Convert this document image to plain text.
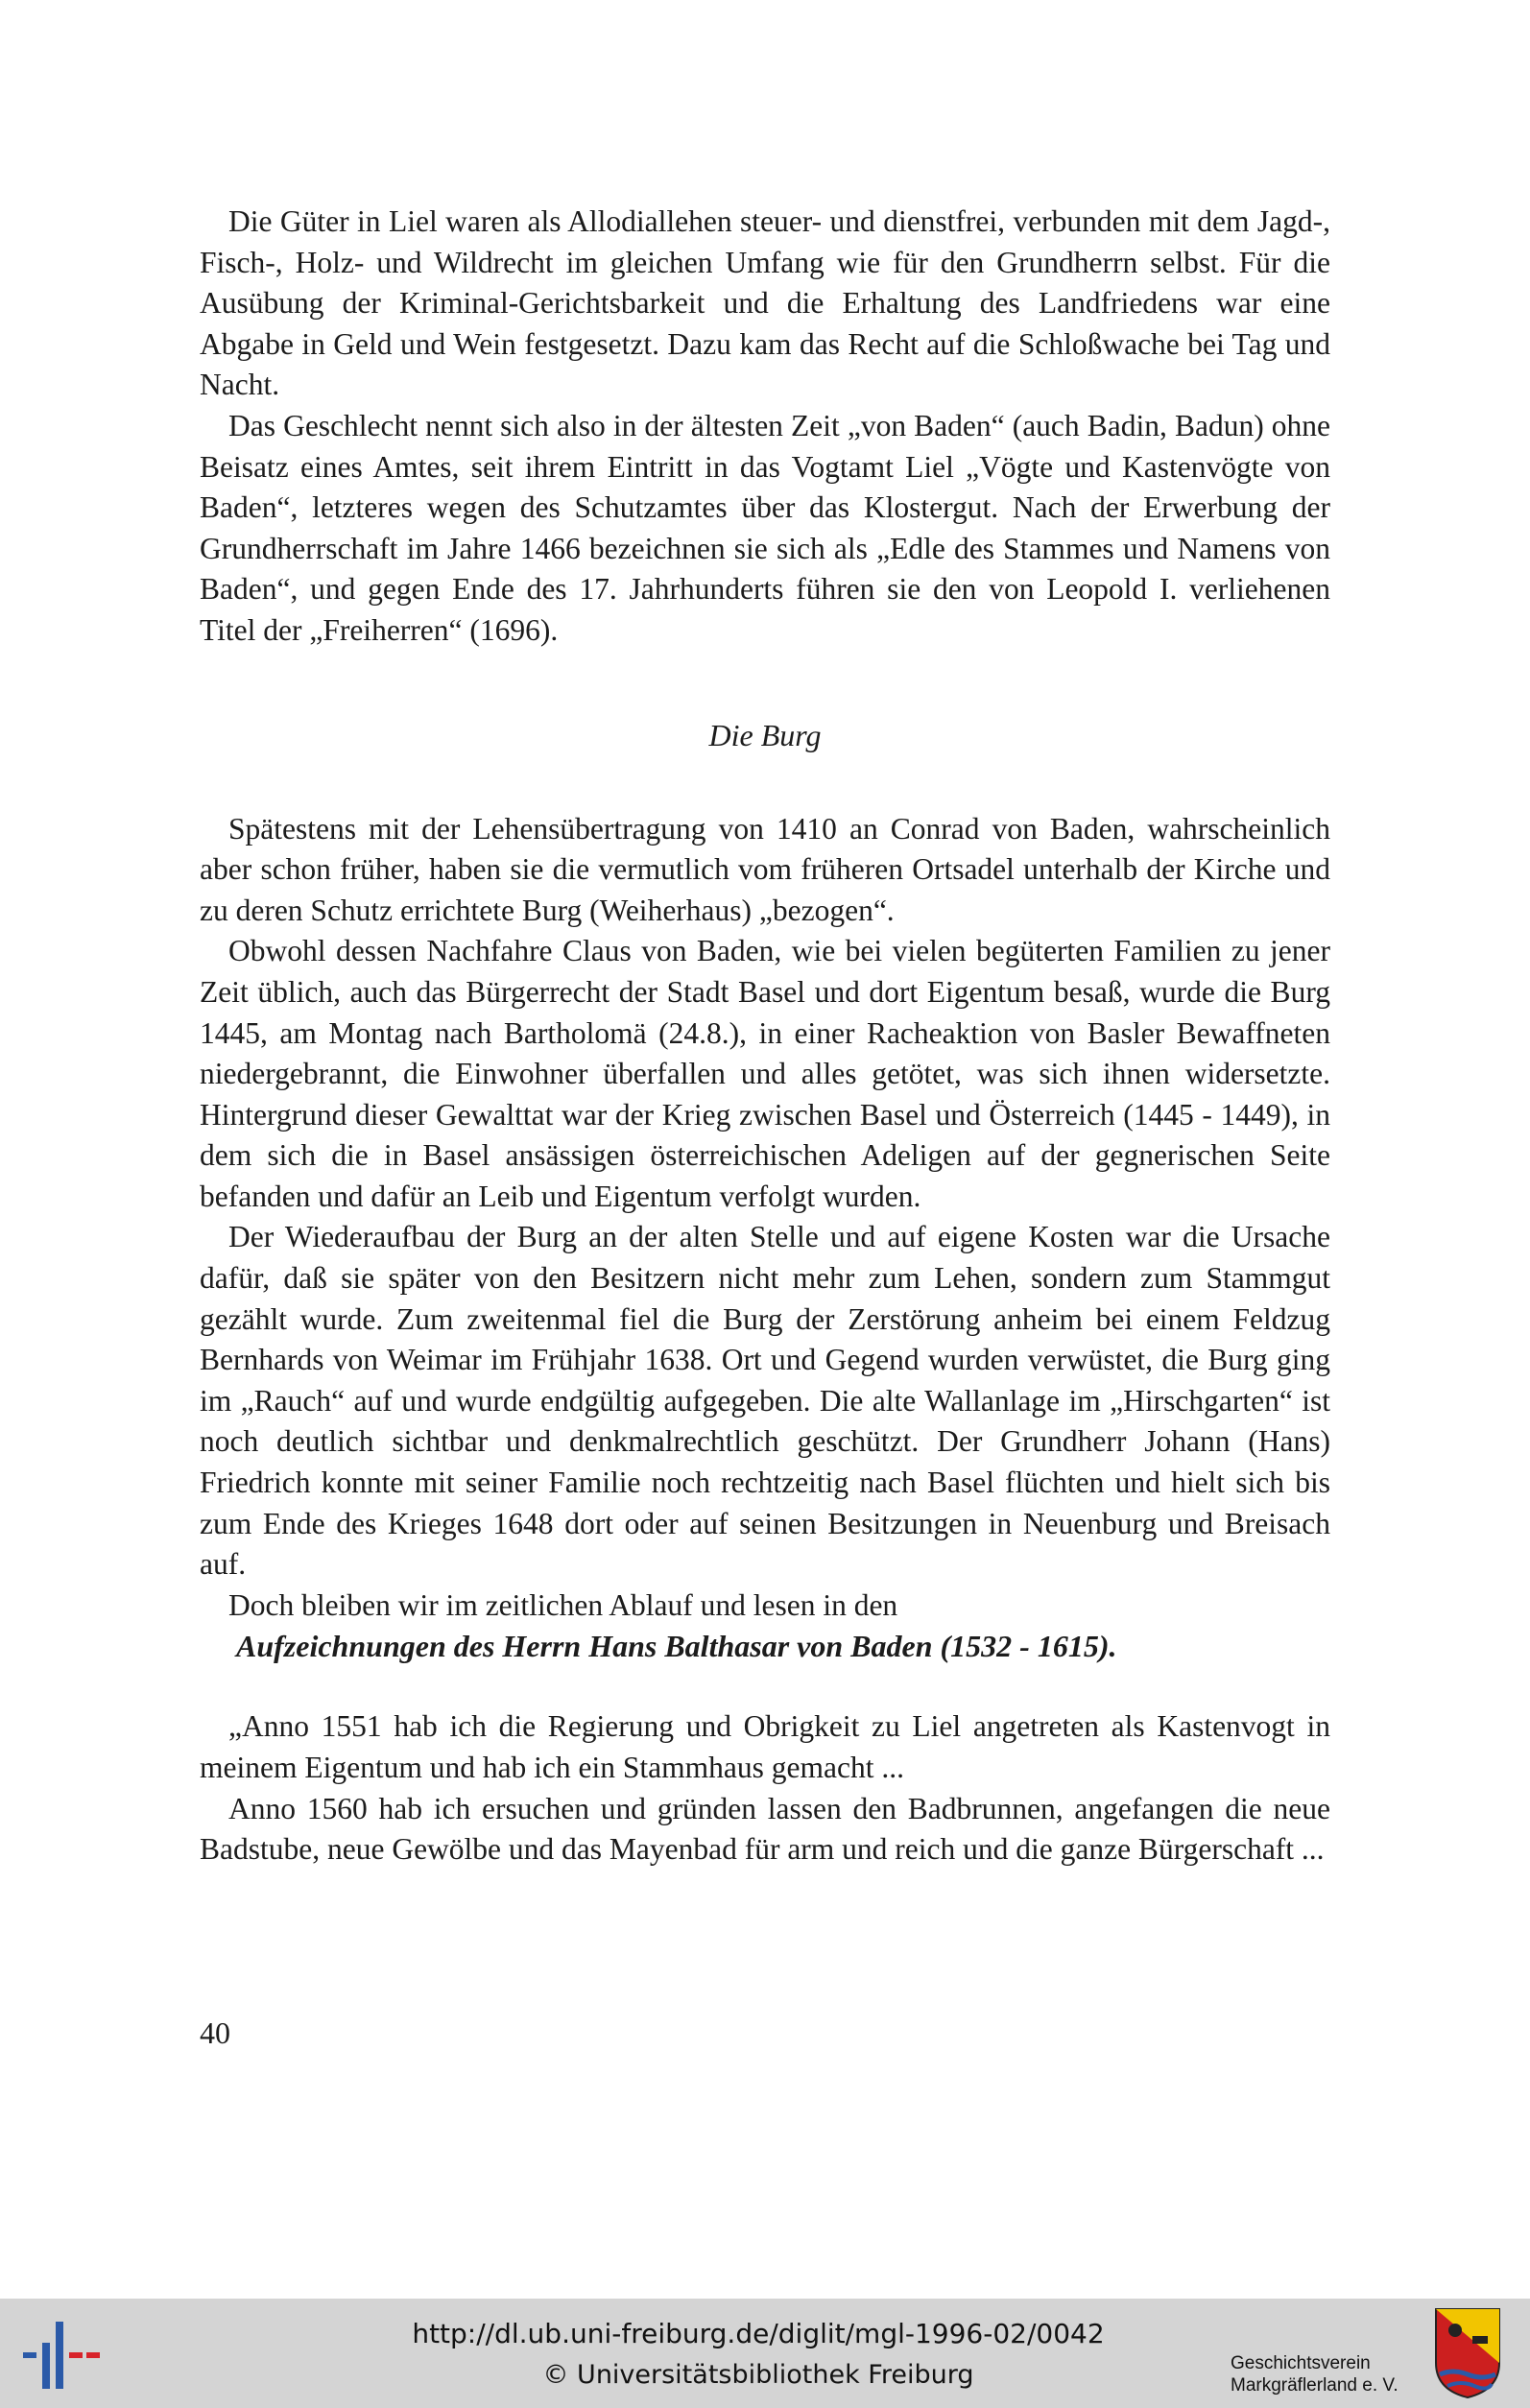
Die Güter in Liel waren als Allodiallehen steuer- und dienstfrei, verbunden mit dem Jagd-, Fisch-, Holz- und Wildrecht im gleichen Umfang wie für den Grundherrn selbst. Für die Ausübung der Kriminal-Gerichtsbarkeit und die Erhaltung des Landfriedens war eine Abgabe in Geld und Wein festgesetzt. Dazu kam das Recht auf die Schloßwache bei Tag und Nacht.

Das Geschlecht nennt sich also in der ältesten Zeit „von Baden“ (auch Badin, Badun) ohne Beisatz eines Amtes, seit ihrem Eintritt in das Vogtamt Liel „Vögte und Kastenvögte von Baden“, letzteres wegen des Schutzamtes über das Klostergut. Nach der Erwerbung der Grundherrschaft im Jahre 1466 bezeichnen sie sich als „Edle des Stammes und Namens von Baden“, und gegen Ende des 17. Jahrhunderts führen sie den von Leopold I. verliehenen Titel der „Freiherren“ (1696).

Die Burg

Spätestens mit der Lehensübertragung von 1410 an Conrad von Baden, wahrscheinlich aber schon früher, haben sie die vermutlich vom früheren Ortsadel unterhalb der Kirche und zu deren Schutz errichtete Burg (Weiherhaus) „bezogen“.

Obwohl dessen Nachfahre Claus von Baden, wie bei vielen begüterten Familien zu jener Zeit üblich, auch das Bürgerrecht der Stadt Basel und dort Eigentum besaß, wurde die Burg 1445, am Montag nach Bartholomä (24.8.), in einer Racheaktion von Basler Bewaffneten niedergebrannt, die Einwohner überfallen und alles getötet, was sich ihnen widersetzte. Hintergrund dieser Gewalttat war der Krieg zwischen Basel und Österreich (1445 - 1449), in dem sich die in Basel ansässigen österreichischen Adeligen auf der gegnerischen Seite befanden und dafür an Leib und Eigentum verfolgt wurden.

Der Wiederaufbau der Burg an der alten Stelle und auf eigene Kosten war die Ursache dafür, daß sie später von den Besitzern nicht mehr zum Lehen, sondern zum Stammgut gezählt wurde. Zum zweitenmal fiel die Burg der Zerstörung anheim bei einem Feldzug Bernhards von Weimar im Frühjahr 1638. Ort und Gegend wurden verwüstet, die Burg ging im „Rauch“ auf und wurde endgültig aufgegeben. Die alte Wallanlage im „Hirschgarten“ ist noch deutlich sichtbar und denkmalrechtlich geschützt. Der Grundherr Johann (Hans) Friedrich konnte mit seiner Familie noch rechtzeitig nach Basel flüchten und hielt sich bis zum Ende des Krieges 1648 dort oder auf seinen Besitzungen in Neuenburg und Breisach auf.

Doch bleiben wir im zeitlichen Ablauf und lesen in den

Aufzeichnungen des Herrn Hans Balthasar von Baden (1532 - 1615).

„Anno 1551 hab ich die Regierung und Obrigkeit zu Liel angetreten als Kastenvogt in meinem Eigentum und hab ich ein Stammhaus gemacht ...

Anno 1560 hab ich ersuchen und gründen lassen den Badbrunnen, angefangen die neue Badstube, neue Gewölbe und das Mayenbad für arm und reich und die ganze Bürgerschaft ...

40
http://dl.ub.uni-freiburg.de/diglit/mgl-1996-02/0042
© Universitätsbibliothek Freiburg	Geschichtsverein
Markgräflerland e. V.
